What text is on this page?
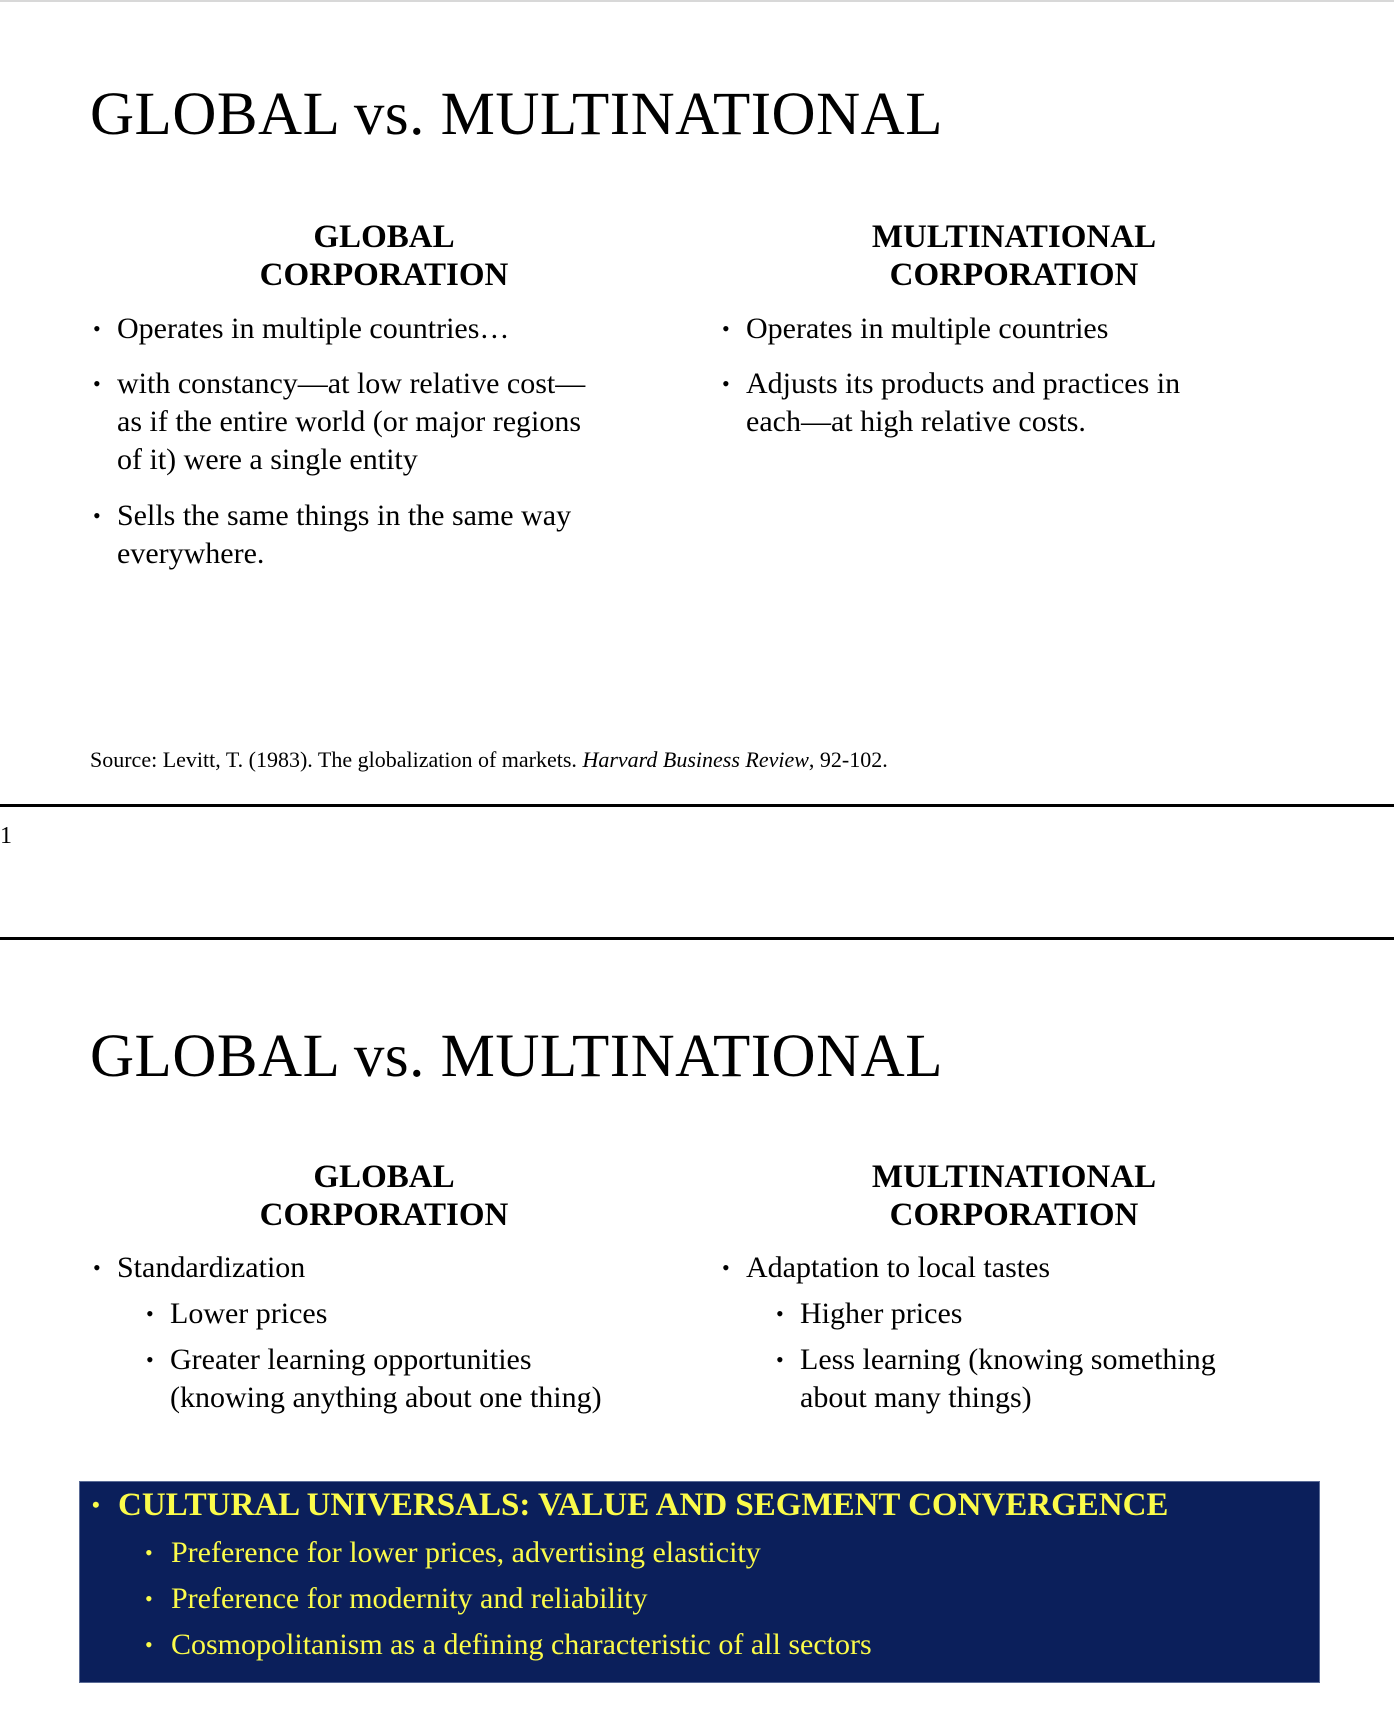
GLOBAL vs. MULTINATIONAL
GLOBAL
CORPORATION
MULTINATIONAL
CORPORATION
• Operates in multiple countries…
• with constancy—at low relative cost—
as if the entire world (or major regions
of it) were a single entity
• Sells the same things in the same way
everywhere.
• Operates in multiple countries
• Adjusts its products and practices in
each—at high relative costs.
Source: Levitt, T. (1983). The globalization of markets. Harvard Business Review, 92-102.
1
GLOBAL vs. MULTINATIONAL
GLOBAL
CORPORATION
MULTINATIONAL
CORPORATION
• Standardization
• Lower prices
• Greater learning opportunities
(knowing anything about one thing)
• Adaptation to local tastes
• Higher prices
• Less learning (knowing something
about many things)
• CULTURAL UNIVERSALS: VALUE AND SEGMENT CONVERGENCE
• Preference for lower prices, advertising elasticity
• Preference for modernity and reliability
• Cosmopolitanism as a defining characteristic of all sectors
